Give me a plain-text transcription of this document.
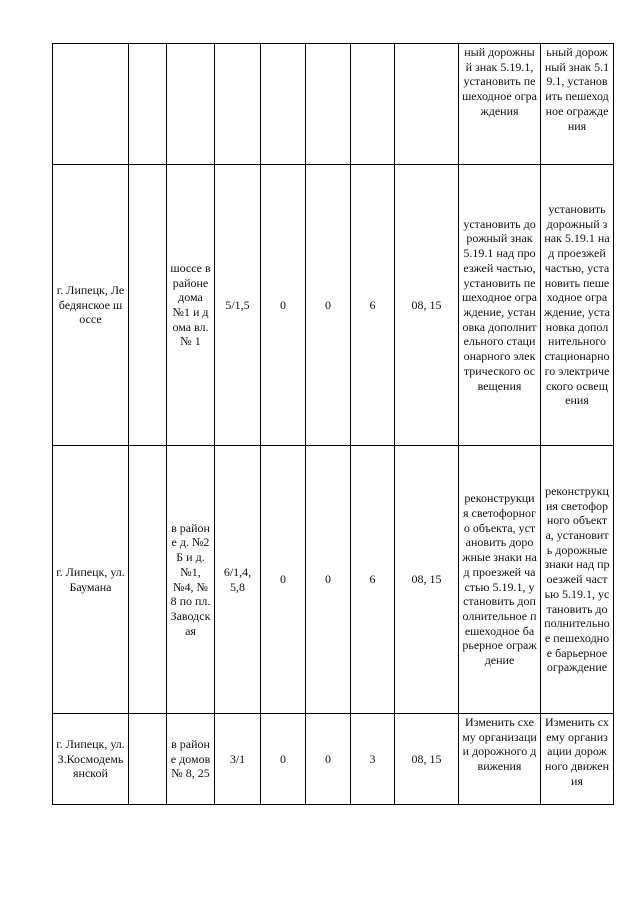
								ный дорожный знак 5.19.1, установить пешеходное ограждения	ьный дорожный знак 5.19.1, установить пешеходное ограждения
г. Липецк, Лебедянское шоссе		шоссе в районе дома №1 и дома вл.№ 1	5/1,5	0	0	6	08, 15	установить дорожный знак 5.19.1 над проезжей частью, установить пешеходное ограждение, установка дополнительного стационарного электрического освещения	установить дорожный знак 5.19.1 над проезжей частью, установить пешеходное ограждение, установка дополнительного стационарного электрического освещения
г. Липецк, ул. Баумана		в районе д. №2Б и д. №1, №4, № 8 по пл. Заводская	6/1,4, 5,8	0	0	6	08, 15	реконструкция светофорного объекта, установить дорожные знаки над проезжей частью 5.19.1, установить дополнительное пешеходное барьерное ограждение	реконструкция светофорного объекта, установить дорожные знаки над проезжей частью 5.19.1, установить дополнительное пешеходное барьерное ограждение
г. Липецк, ул.З.Космодемьянской		в районе домов № 8, 25	3/1	0	0	3	08, 15	Изменить схему организации дорожного движения	Изменить схему организации дорожного движения
